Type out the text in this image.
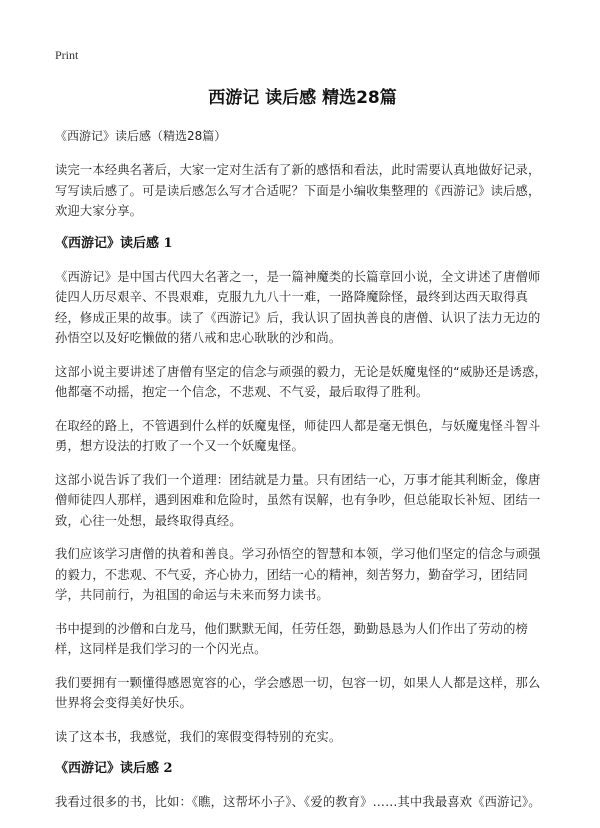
Print
西游记 读后感 精选28篇
《西游记》读后感（精选28篇）

读完一本经典名著后，大家一定对生活有了新的感悟和看法，此时需要认真地做好记录，写写读后感了。可是读后感怎么写才合适呢？下面是小编收集整理的《西游记》读后感，欢迎大家分享。

《西游记》读后感 1

《西游记》是中国古代四大名著之一，是一篇神魔类的长篇章回小说，全文讲述了唐僧师徒四人历尽艰辛、不畏艰难，克服九九八十一难，一路降魔除怪，最终到达西天取得真经，修成正果的故事。读了《西游记》后，我认识了固执善良的唐僧、认识了法力无边的孙悟空以及好吃懒做的猪八戒和忠心耿耿的沙和尚。

这部小说主要讲述了唐僧有坚定的信念与顽强的毅力，无论是妖魔鬼怪的“威胁还是诱惑，他都毫不动摇，抱定一个信念，不悲观、不气妥，最后取得了胜利。

在取经的路上，不管遇到什么样的妖魔鬼怪，师徒四人都是毫无惧色，与妖魔鬼怪斗智斗勇，想方设法的打败了一个又一个妖魔鬼怪。

这部小说告诉了我们一个道理：团结就是力量。只有团结一心，万事才能其利断金，像唐僧师徒四人那样，遇到困难和危险时，虽然有误解，也有争吵，但总能取长补短、团结一致，心往一处想，最终取得真经。

我们应该学习唐僧的执着和善良。学习孙悟空的智慧和本领，学习他们坚定的信念与顽强的毅力，不悲观、不气妥，齐心协力，团结一心的精神，刻苦努力，勤奋学习，团结同学，共同前行，为祖国的命运与未来而努力读书。

书中提到的沙僧和白龙马，他们默默无闻，任劳任怨，勤勤恳恳为人们作出了劳动的榜样，这同样是我们学习的一个闪光点。

我们要拥有一颗懂得感恩宽容的心，学会感恩一切，包容一切，如果人人都是这样，那么世界将会变得美好快乐。

读了这本书，我感觉，我们的寒假变得特别的充实。

《西游记》读后感 2

我看过很多的书，比如：《瞧，这帮坏小子》、《爱的教育》……其中我最喜欢《西游记》。
